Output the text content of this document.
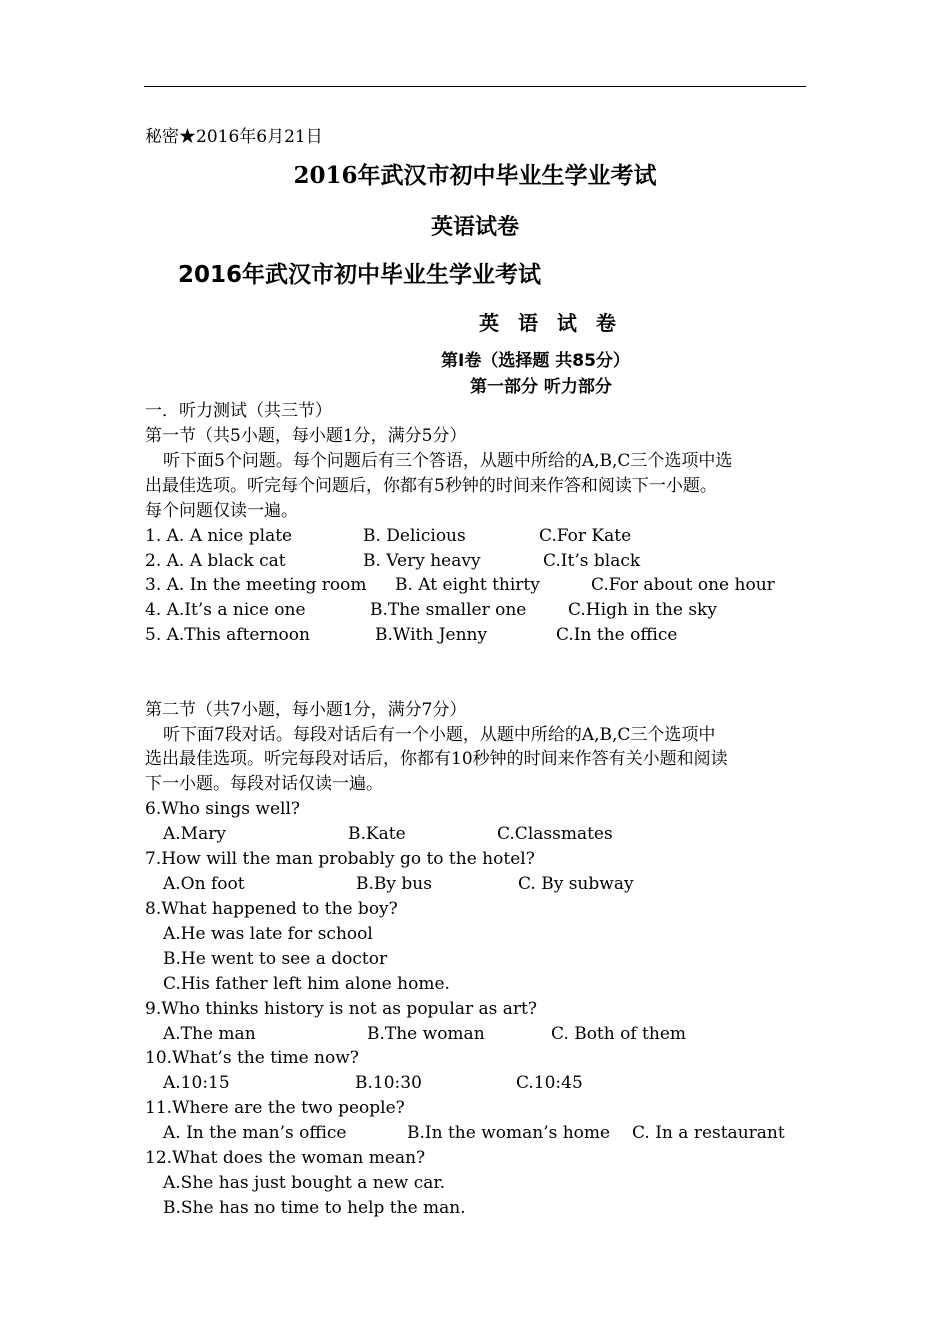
秘密★2016年6月21日
2016年武汉市初中毕业生学业考试
英语试卷
2016年武汉市初中毕业生学业考试
英 语 试 卷
第I卷（选择题 共85分）
第一部分 听力部分
一．听力测试（共三节）
第一节（共5小题，每小题1分，满分5分）
听下面5个问题。每个问题后有三个答语，从题中所给的A,B,C三个选项中选
出最佳选项。听完每个问题后，你都有5秒钟的时间来作答和阅读下一小题。
每个问题仅读一遍。
1. A. A nice plate	B. Delicious	C.For Kate
2. A. A black cat	B. Very heavy	C.It’s black
3. A. In the meeting room B. At eight thirty	C.For about one hour
4. A.It’s a nice one	B.The smaller one C.High in the sky
5. A.This afternoon	B.With Jenny	C.In the office
第二节（共7小题，每小题1分，满分7分）
听下面7段对话。每段对话后有一个小题，从题中所给的A,B,C三个选项中
选出最佳选项。听完每段对话后，你都有10秒钟的时间来作答有关小题和阅读
下一小题。每段对话仅读一遍。
6.Who sings well?
A.Mary	B.Kate	C.Classmates
7.How will the man probably go to the hotel?
A.On foot	B.By bus	C. By subway
8.What happened to the boy?
A.He was late for school
B.He went to see a doctor
C.His father left him alone home.
9.Who thinks history is not as popular as art?
A.The man	B.The woman	C. Both of them
10.What’s the time now?
A.10:15	B.10:30	C.10:45
11.Where are the two people?
A. In the man’s office	B.In the woman’s home C. In a restaurant
12.What does the woman mean?
A.She has just bought a new car.
B.She has no time to help the man.
